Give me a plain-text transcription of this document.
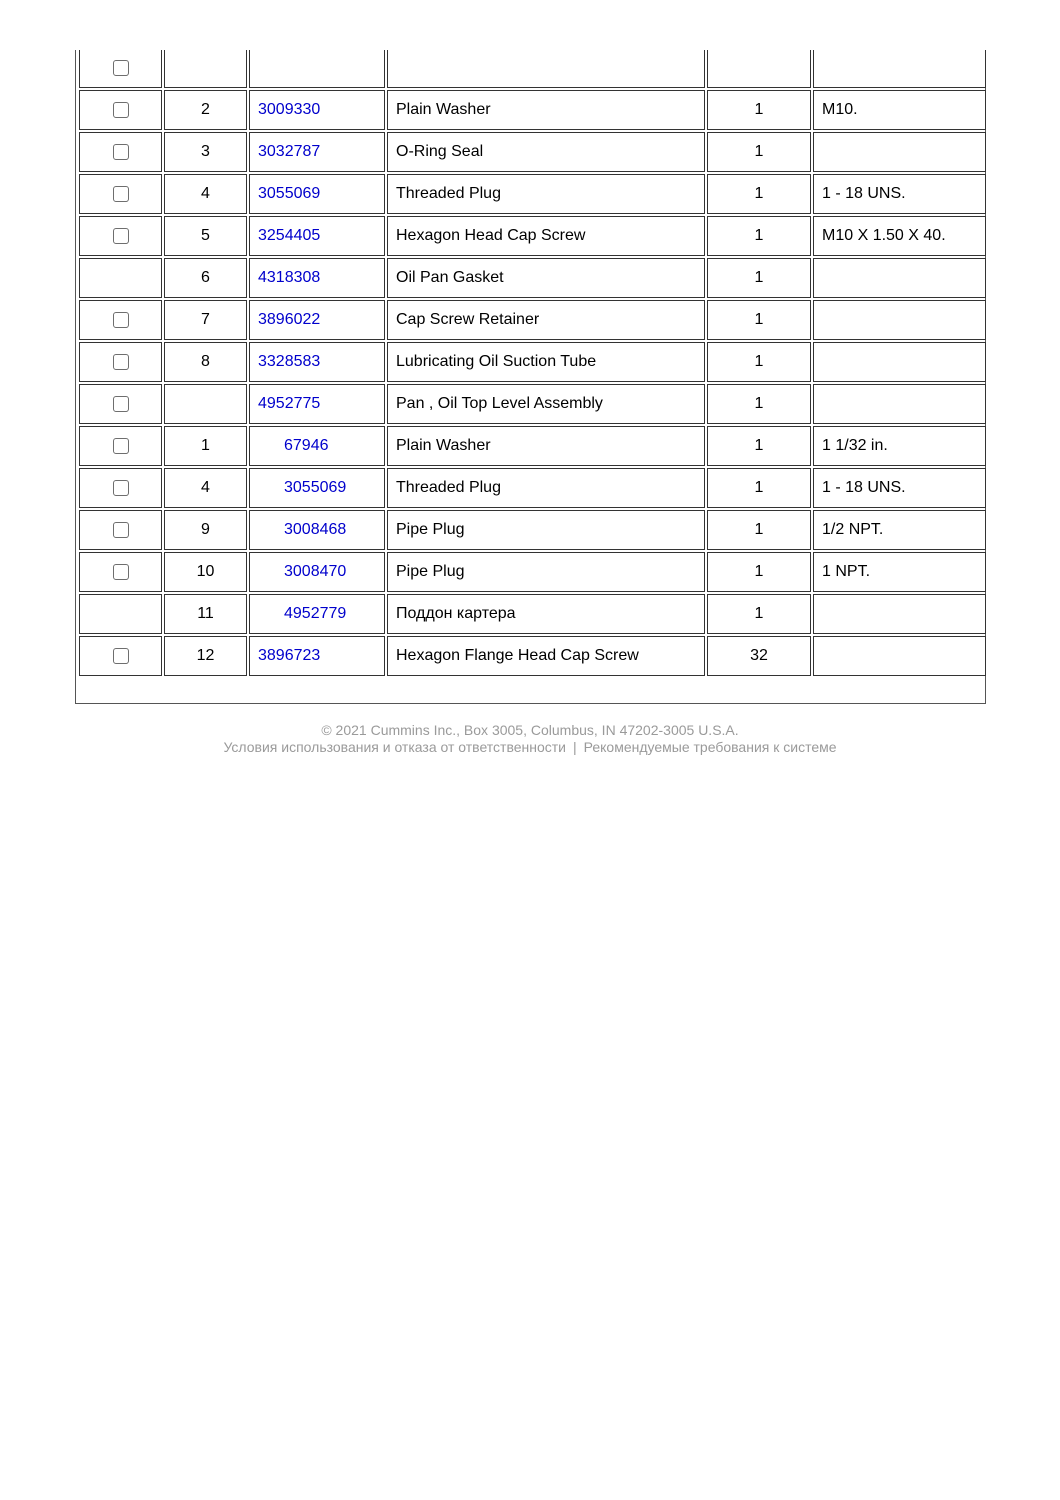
	2	3009330	Plain Washer	1	M10.
	3	3032787	O-Ring Seal	1	
	4	3055069	Threaded Plug	1	1 - 18 UNS.
	5	3254405	Hexagon Head Cap Screw	1	M10 X 1.50 X 40.
	6	4318308	Oil Pan Gasket	1	
	7	3896022	Cap Screw Retainer	1	
	8	3328583	Lubricating Oil Suction Tube	1	
		4952775	Pan , Oil Top Level Assembly	1	
	1	67946	Plain Washer	1	1 1/32 in.
	4	3055069	Threaded Plug	1	1 - 18 UNS.
	9	3008468	Pipe Plug	1	1/2 NPT.
	10	3008470	Pipe Plug	1	1 NPT.
	11	4952779	Поддон картера	1	
	12	3896723	Hexagon Flange Head Cap Screw	32	
© 2021 Cummins Inc., Box 3005, Columbus, IN 47202-3005 U.S.A.
Условия использования и отказа от ответственности | Рекомендуемые требования к системе
